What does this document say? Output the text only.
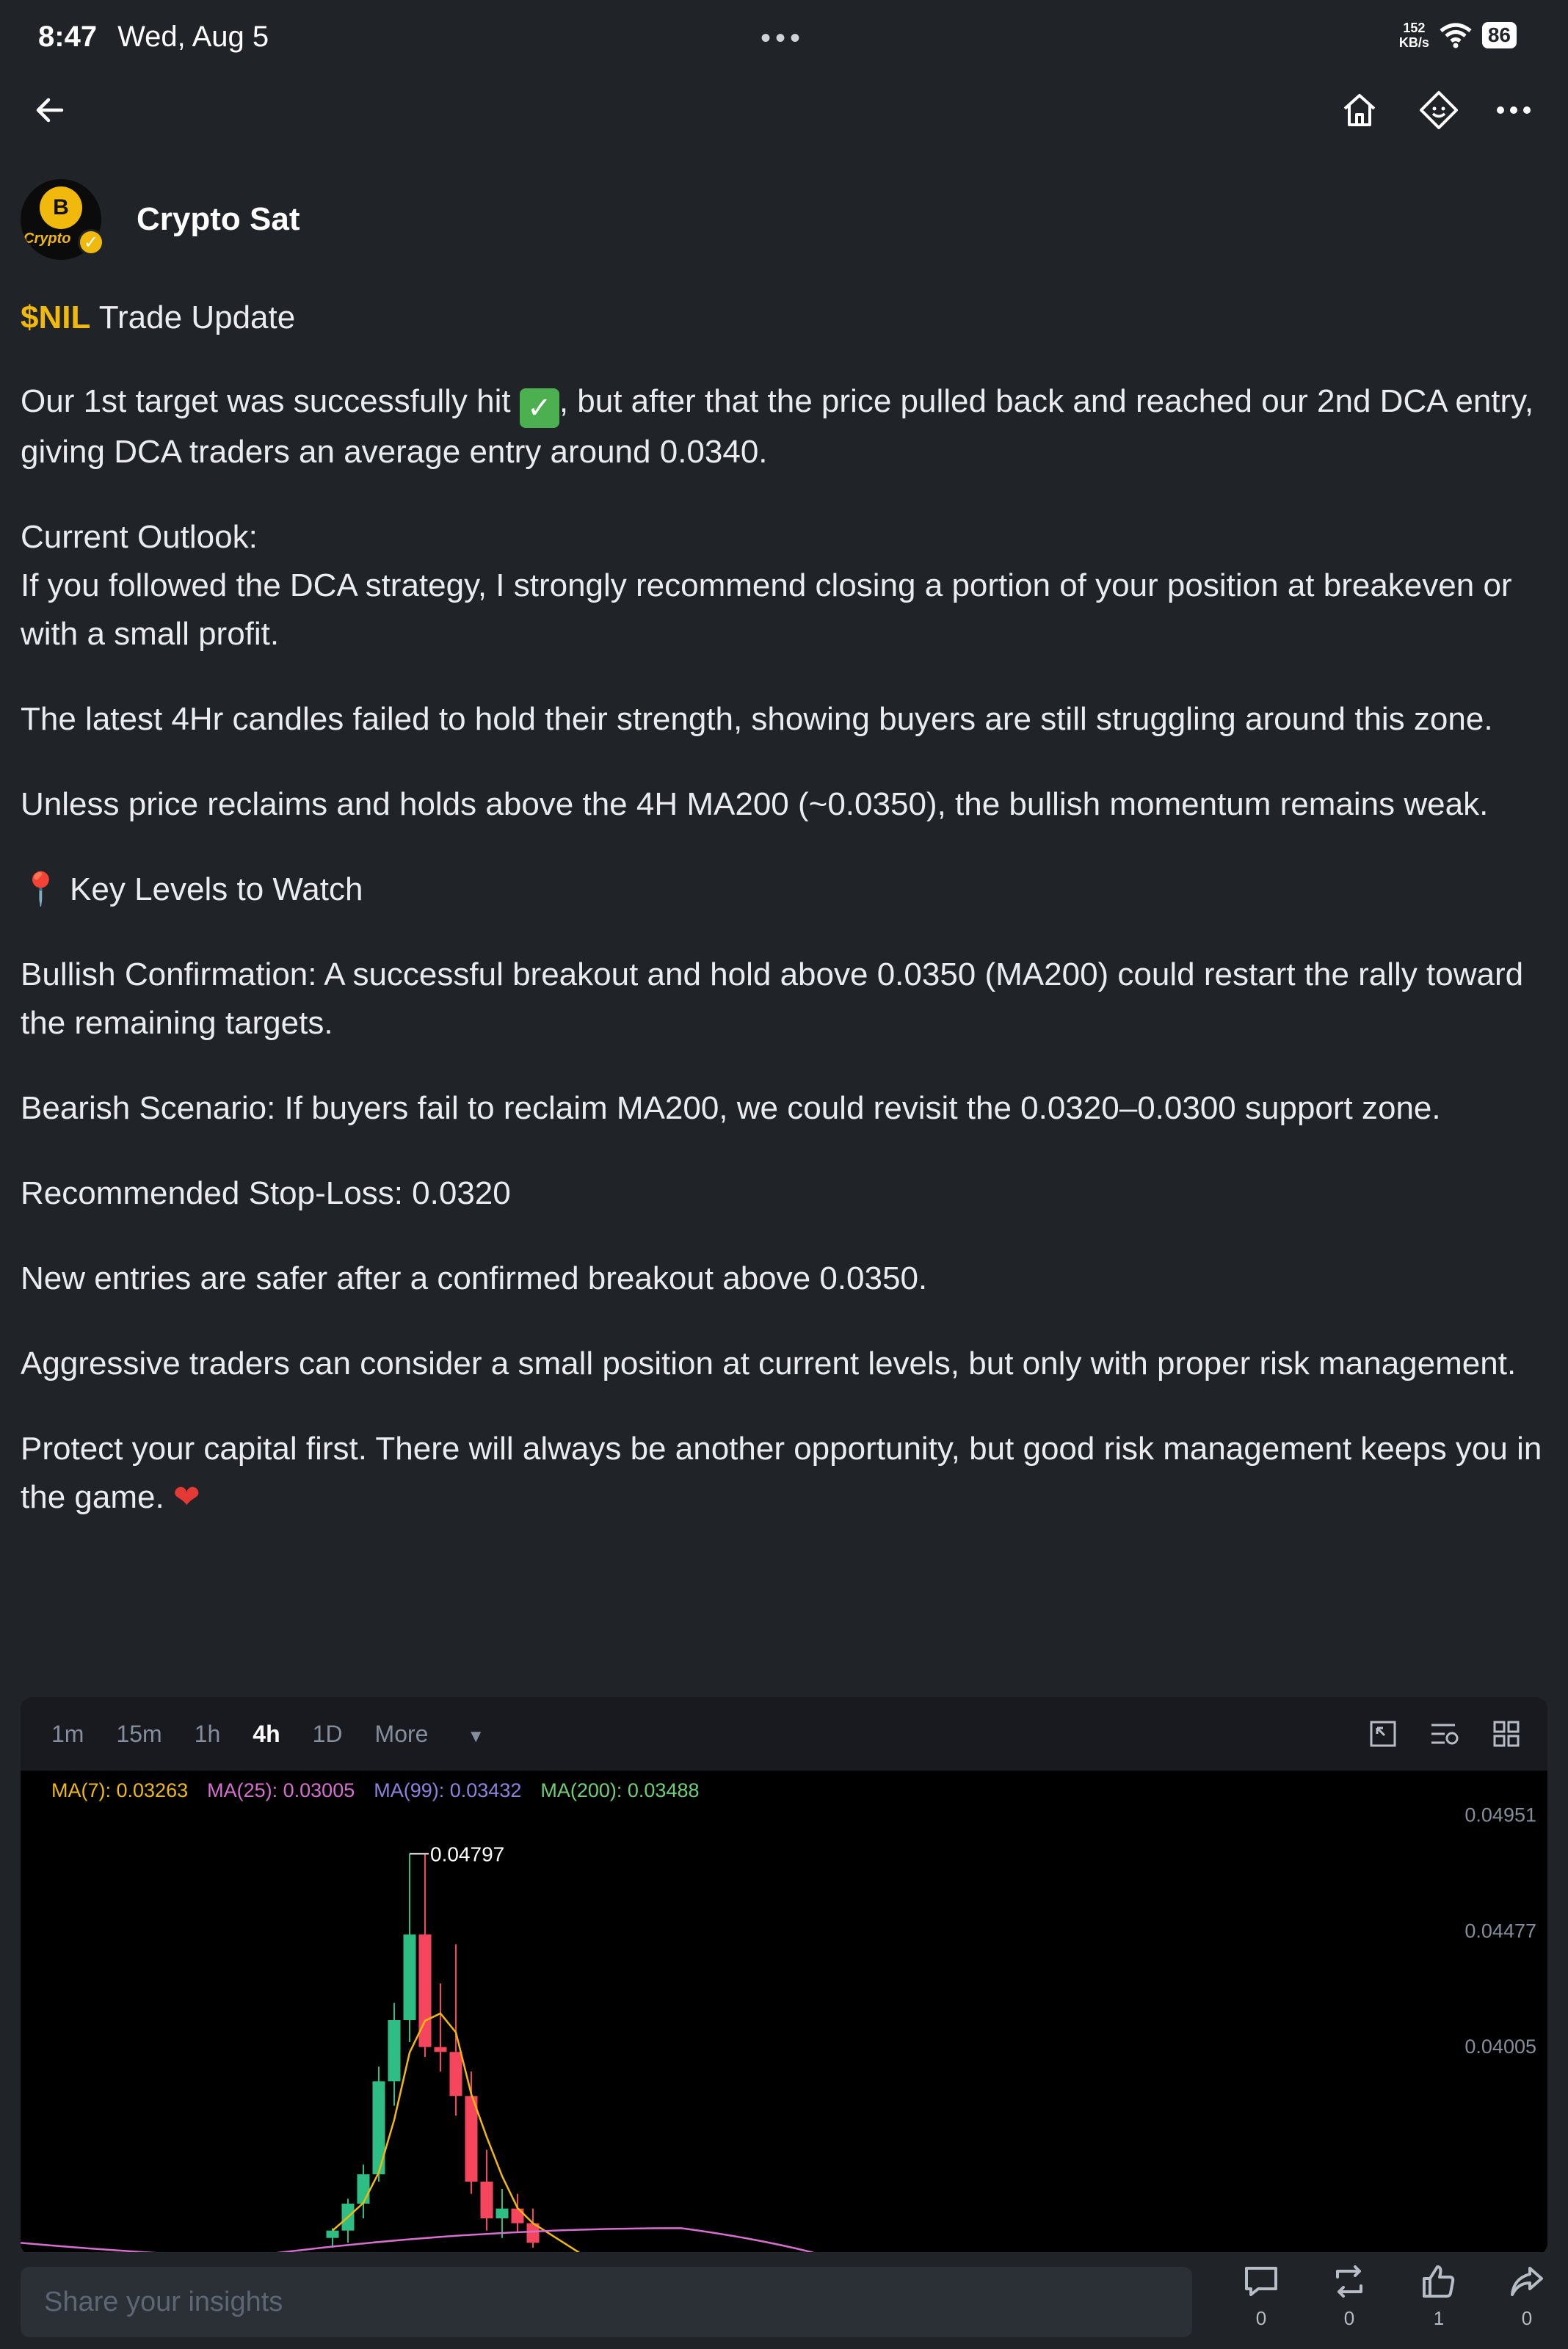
8:47 Wed, Aug 5	•••	152
KB/s	86
B
Crypto ✓
Crypto Sat

$NIL Trade Update

Our 1st target was successfully hit ✓ , but after that the price pulled back and reached our 2nd DCA entry, giving DCA traders an average entry around 0.0340.

Current Outlook:
If you followed the DCA strategy, I strongly recommend closing a portion of your position at breakeven or with a small profit.

The latest 4Hr candles failed to hold their strength, showing buyers are still struggling around this zone.

Unless price reclaims and holds above the 4H MA200 (~0.0350), the bullish momentum remains weak.

📍 Key Levels to Watch

Bullish Confirmation: A successful breakout and hold above 0.0350 (MA200) could restart the rally toward the remaining targets.

Bearish Scenario: If buyers fail to reclaim MA200, we could revisit the 0.0320–0.0300 support zone.

Recommended Stop-Loss: 0.0320

New entries are safer after a confirmed breakout above 0.0350.

Aggressive traders can consider a small position at current levels, but only with proper risk management.

Protect your capital first. There will always be another opportunity, but good risk management keeps you in the game. ❤

1m 15m 1h 4h 1D More ▼
MA(7): 0.03263 MA(25): 0.03005 MA(99): 0.03432 MA(200): 0.03488
0.04951
0.04477
0.04005
0.04797
Share your insights
0	0	1	0
